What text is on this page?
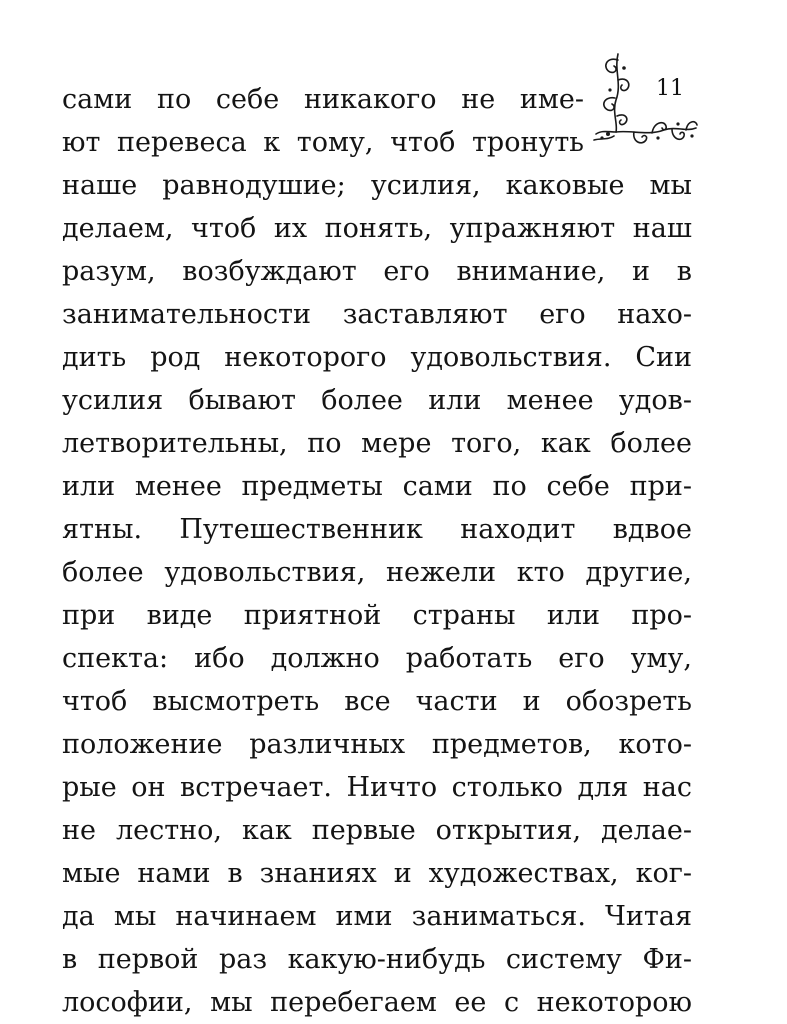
11
сами по себе никакого не име-
ют перевеса к тому, чтоб тронуть
наше равнодушие; усилия, каковые мы
делаем, чтоб их понять, упражняют наш
разум, возбуждают его внимание, и в
занимательности заставляют его нахо-
дить род некоторого удовольствия. Сии
усилия бывают более или менее удов-
летворительны, по мере того, как более
или менее предметы сами по себе при-
ятны. Путешественник находит вдвое
более удовольствия, нежели кто другие,
при виде приятной страны или про-
спекта: ибо должно работать его уму,
чтоб высмотреть все части и обозреть
положение различных предметов, кото-
рые он встречает. Ничто столько для нас
не лестно, как первые открытия, делае-
мые нами в знаниях и художествах, ког-
да мы начинаем ими заниматься. Читая
в первой раз какую-нибудь систему Фи-
лософии, мы перебегаем ее с некоторою
